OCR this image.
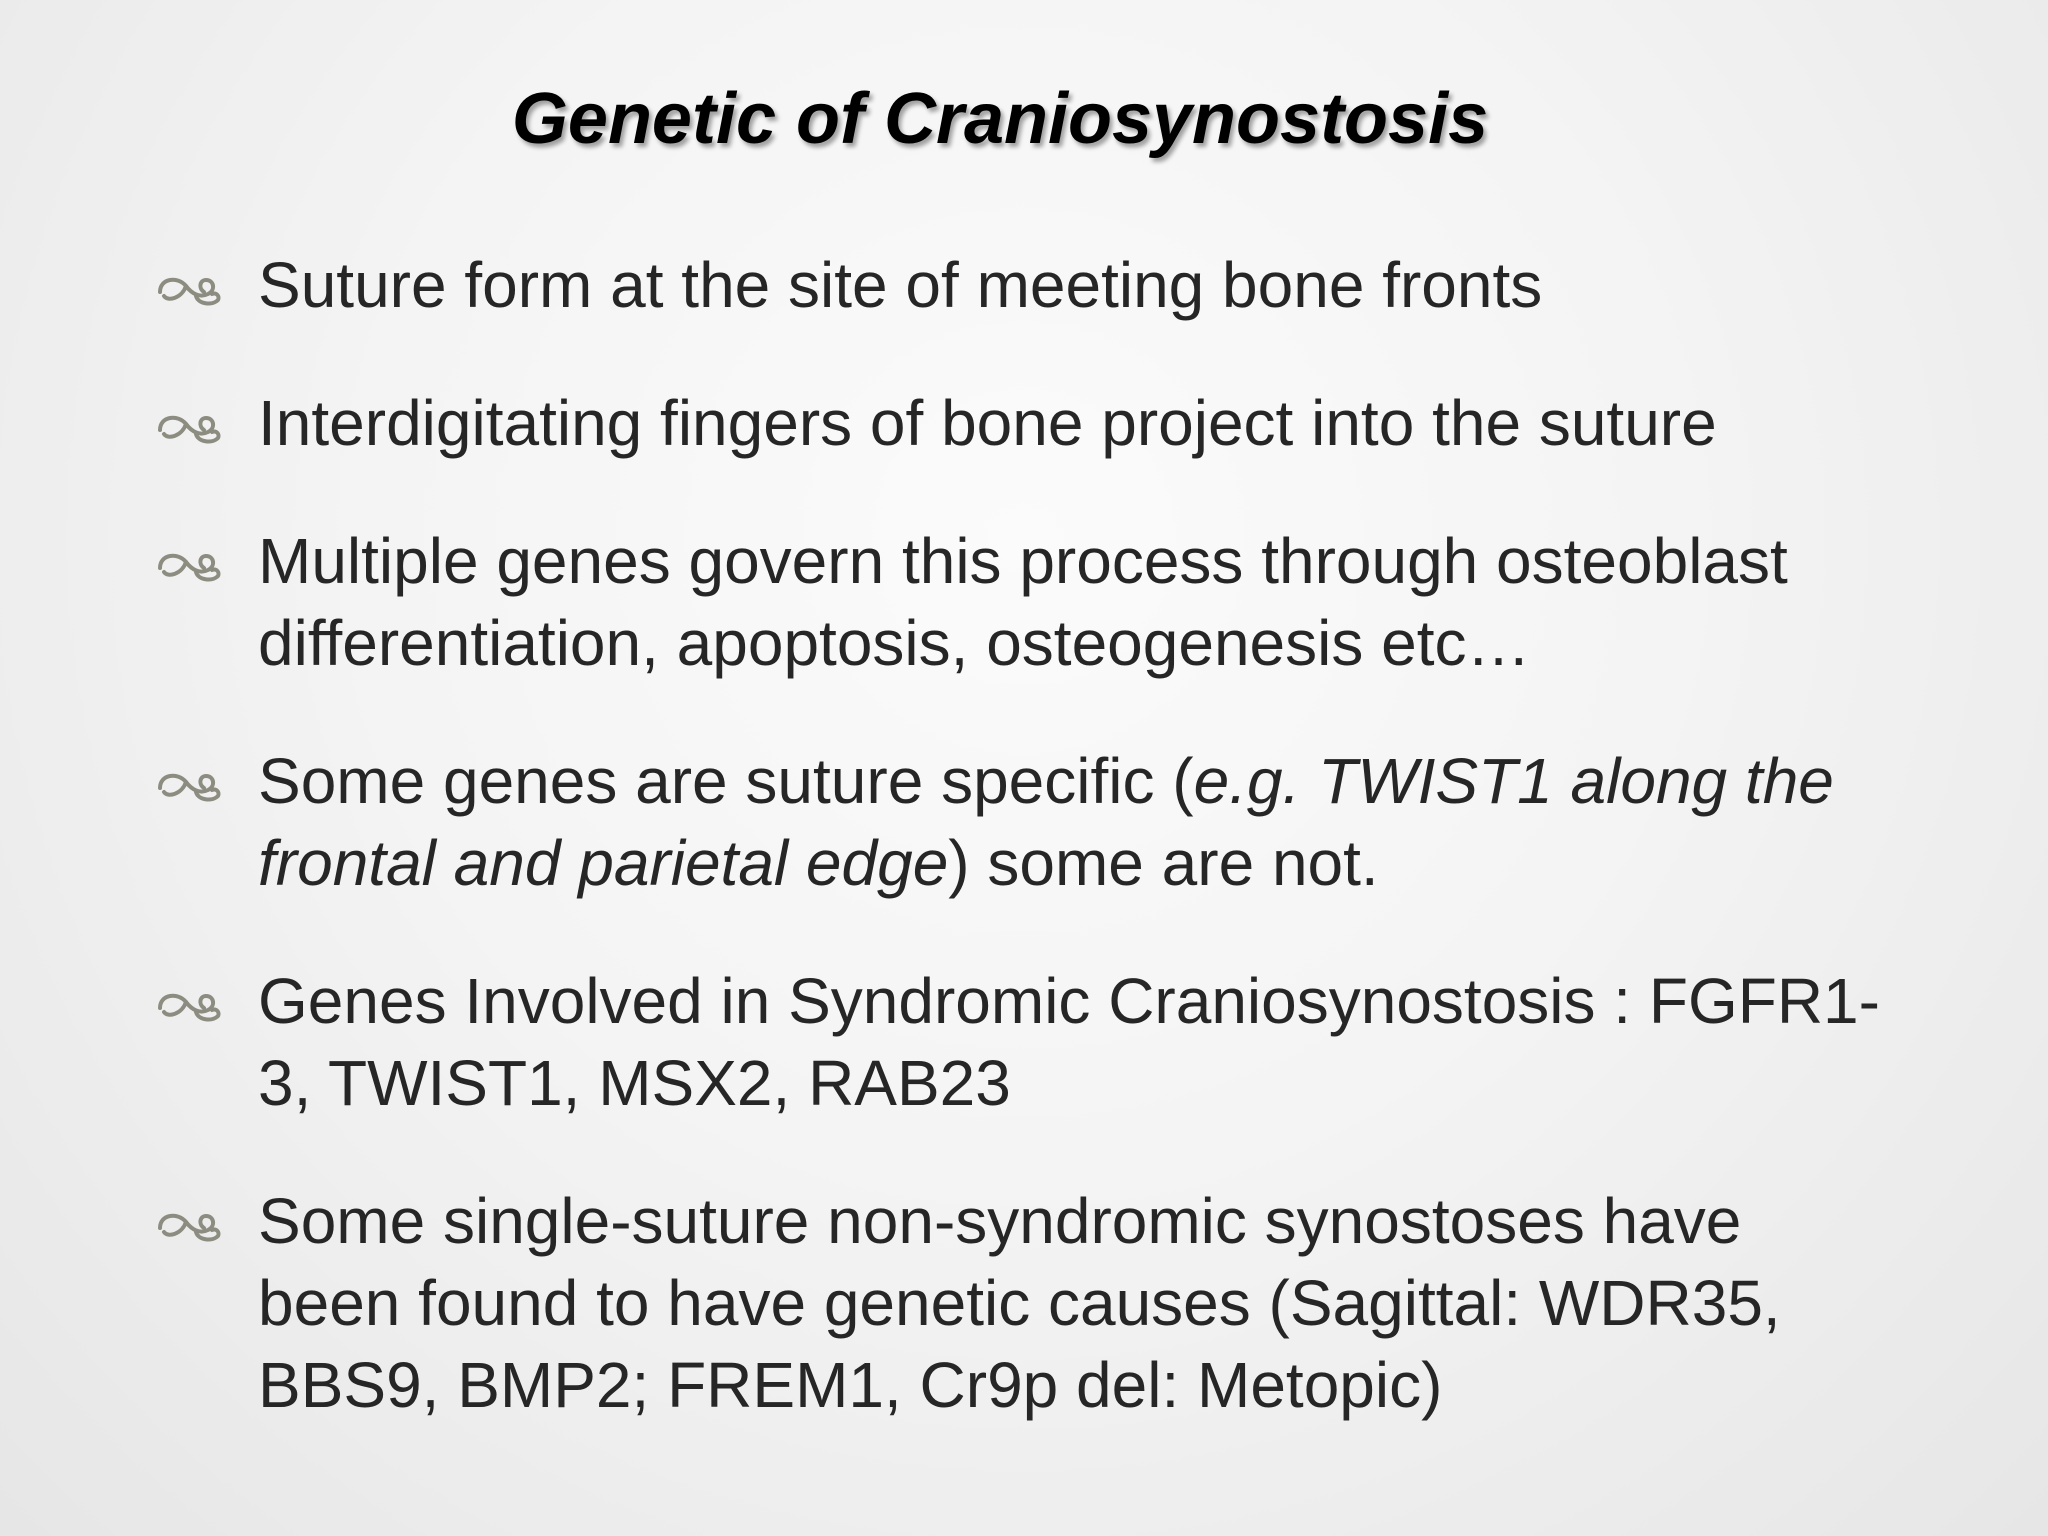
Genetic of Craniosynostosis
Suture form at the site of meeting bone fronts
Interdigitating fingers of bone project into the suture
Multiple genes govern this process through osteoblast differentiation, apoptosis, osteogenesis etc…
Some genes are suture specific (e.g. TWIST1 along the frontal and parietal edge) some are not.
Genes Involved in Syndromic Craniosynostosis : FGFR1-3, TWIST1, MSX2, RAB23
Some single-suture non-syndromic synostoses have been found to have genetic causes (Sagittal: WDR35, BBS9, BMP2; FREM1, Cr9p del: Metopic)
